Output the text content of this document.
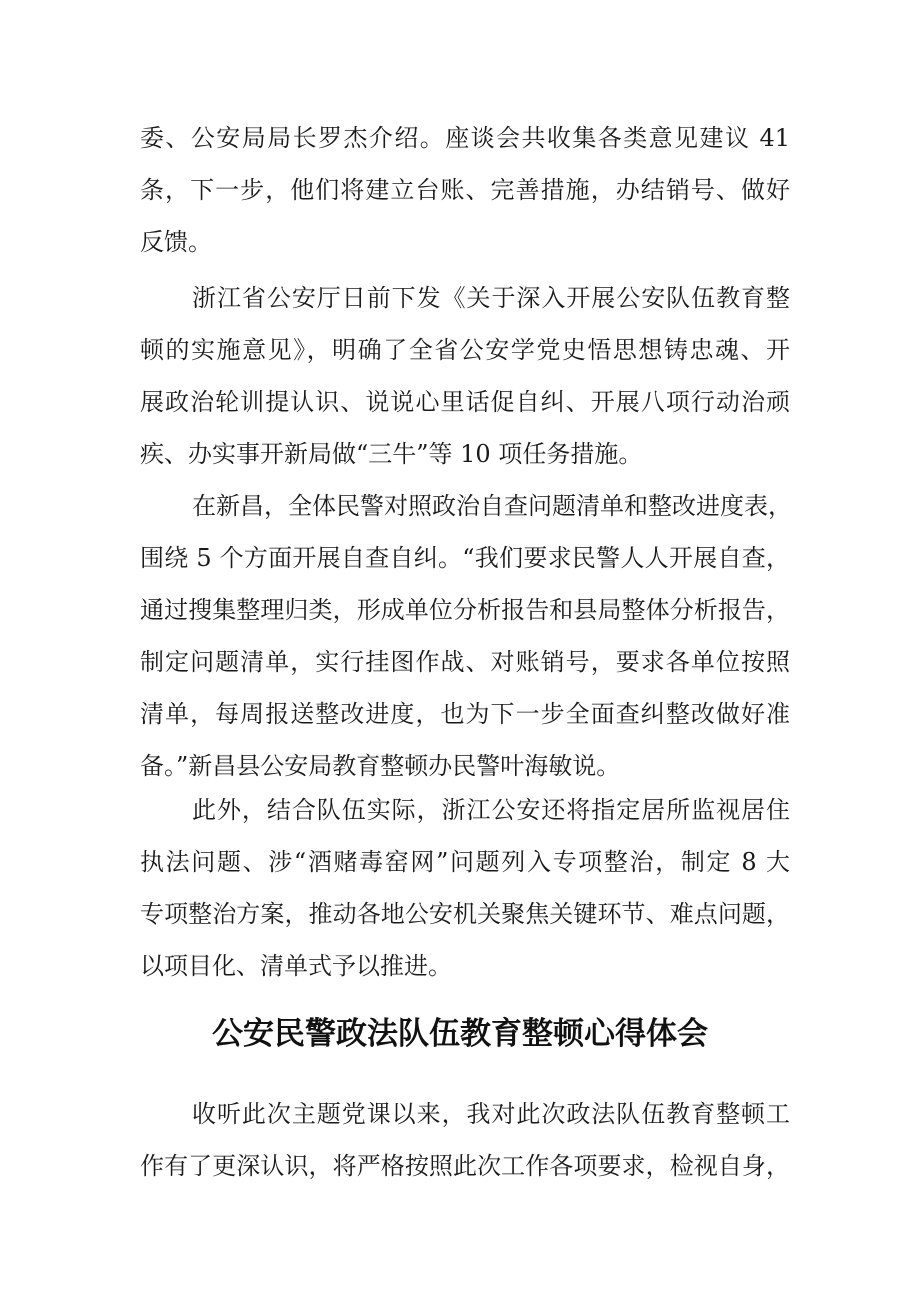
委、公安局局长罗杰介绍。座谈会共收集各类意见建议 41
条，下一步，他们将建立台账、完善措施，办结销号、做好
反馈。
浙江省公安厅日前下发《关于深入开展公安队伍教育整
顿的实施意见》，明确了全省公安学党史悟思想铸忠魂、开
展政治轮训提认识、说说心里话促自纠、开展八项行动治顽
疾、办实事开新局做“三牛”等 10 项任务措施。
在新昌，全体民警对照政治自查问题清单和整改进度表，
围绕 5 个方面开展自查自纠。“我们要求民警人人开展自查，
通过搜集整理归类，形成单位分析报告和县局整体分析报告，
制定问题清单，实行挂图作战、对账销号，要求各单位按照
清单，每周报送整改进度，也为下一步全面查纠整改做好准
备。”新昌县公安局教育整顿办民警叶海敏说。
此外，结合队伍实际，浙江公安还将指定居所监视居住
执法问题、涉“酒赌毒窑网”问题列入专项整治，制定 8 大
专项整治方案，推动各地公安机关聚焦关键环节、难点问题，
以项目化、清单式予以推进。
公安民警政法队伍教育整顿心得体会
收听此次主题党课以来，我对此次政法队伍教育整顿工
作有了更深认识，将严格按照此次工作各项要求，检视自身，
